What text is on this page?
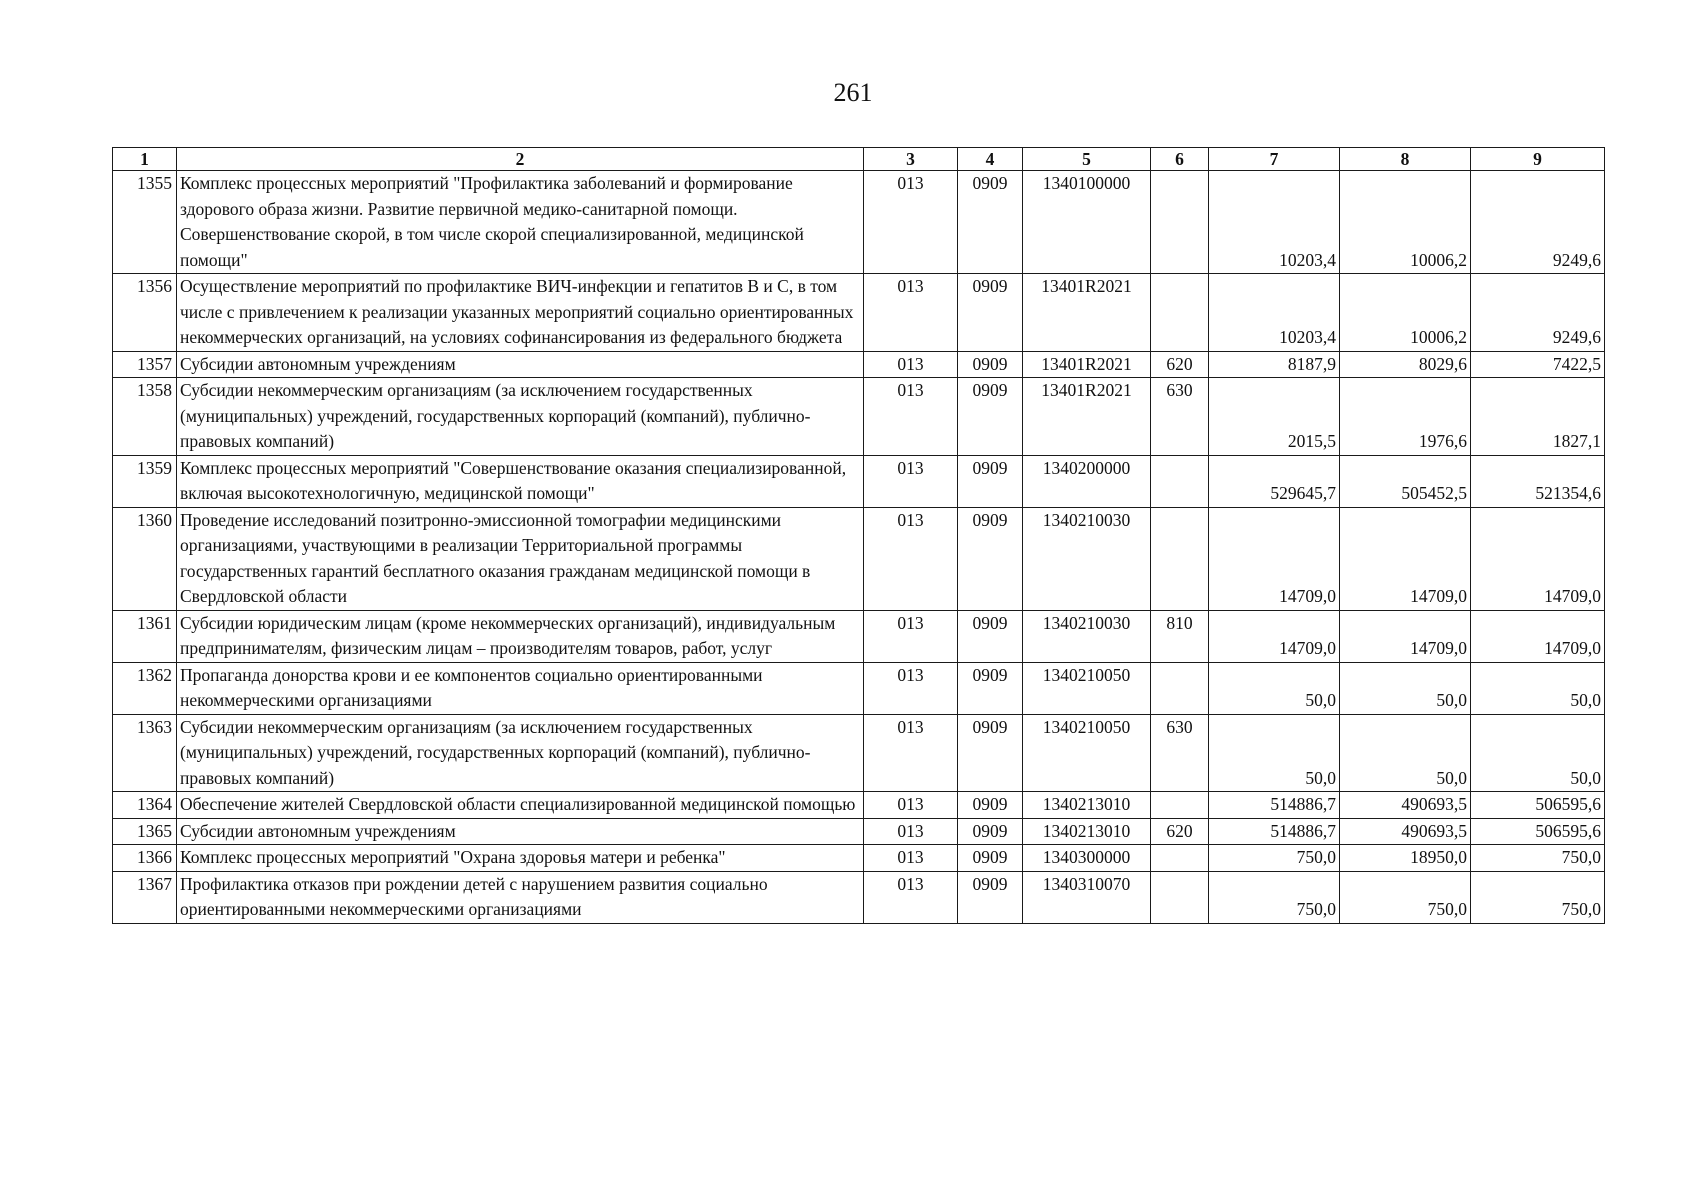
261
1	2	3	4	5	6	7	8	9
1355	Комплекс процессных мероприятий "Профилактика заболеваний и формирование здорового образа жизни. Развитие первичной медико-санитарной помощи. Совершенствование скорой, в том числе скорой специализированной, медицинской помощи"	013	0909	1340100000		10203,4	10006,2	9249,6
1356	Осуществление мероприятий по профилактике ВИЧ-инфекции и гепатитов B и C, в том числе с привлечением к реализации указанных мероприятий социально ориентированных некоммерческих организаций, на условиях софинансирования из федерального бюджета	013	0909	13401R2021		10203,4	10006,2	9249,6
1357	Субсидии автономным учреждениям	013	0909	13401R2021	620	8187,9	8029,6	7422,5
1358	Субсидии некоммерческим организациям (за исключением государственных (муниципальных) учреждений, государственных корпораций (компаний), публично-правовых компаний)	013	0909	13401R2021	630	2015,5	1976,6	1827,1
1359	Комплекс процессных мероприятий "Совершенствование оказания специализированной, включая высокотехнологичную, медицинской помощи"	013	0909	1340200000		529645,7	505452,5	521354,6
1360	Проведение исследований позитронно-эмиссионной томографии медицинскими организациями, участвующими в реализации Территориальной программы государственных гарантий бесплатного оказания гражданам медицинской помощи в Свердловской области	013	0909	1340210030		14709,0	14709,0	14709,0
1361	Субсидии юридическим лицам (кроме некоммерческих организаций), индивидуальным предпринимателям, физическим лицам – производителям товаров, работ, услуг	013	0909	1340210030	810	14709,0	14709,0	14709,0
1362	Пропаганда донорства крови и ее компонентов социально ориентированными некоммерческими организациями	013	0909	1340210050		50,0	50,0	50,0
1363	Субсидии некоммерческим организациям (за исключением государственных (муниципальных) учреждений, государственных корпораций (компаний), публично-правовых компаний)	013	0909	1340210050	630	50,0	50,0	50,0
1364	Обеспечение жителей Свердловской области специализированной медицинской помощью	013	0909	1340213010		514886,7	490693,5	506595,6
1365	Субсидии автономным учреждениям	013	0909	1340213010	620	514886,7	490693,5	506595,6
1366	Комплекс процессных мероприятий "Охрана здоровья матери и ребенка"	013	0909	1340300000		750,0	18950,0	750,0
1367	Профилактика отказов при рождении детей с нарушением развития социально ориентированными некоммерческими организациями	013	0909	1340310070		750,0	750,0	750,0
